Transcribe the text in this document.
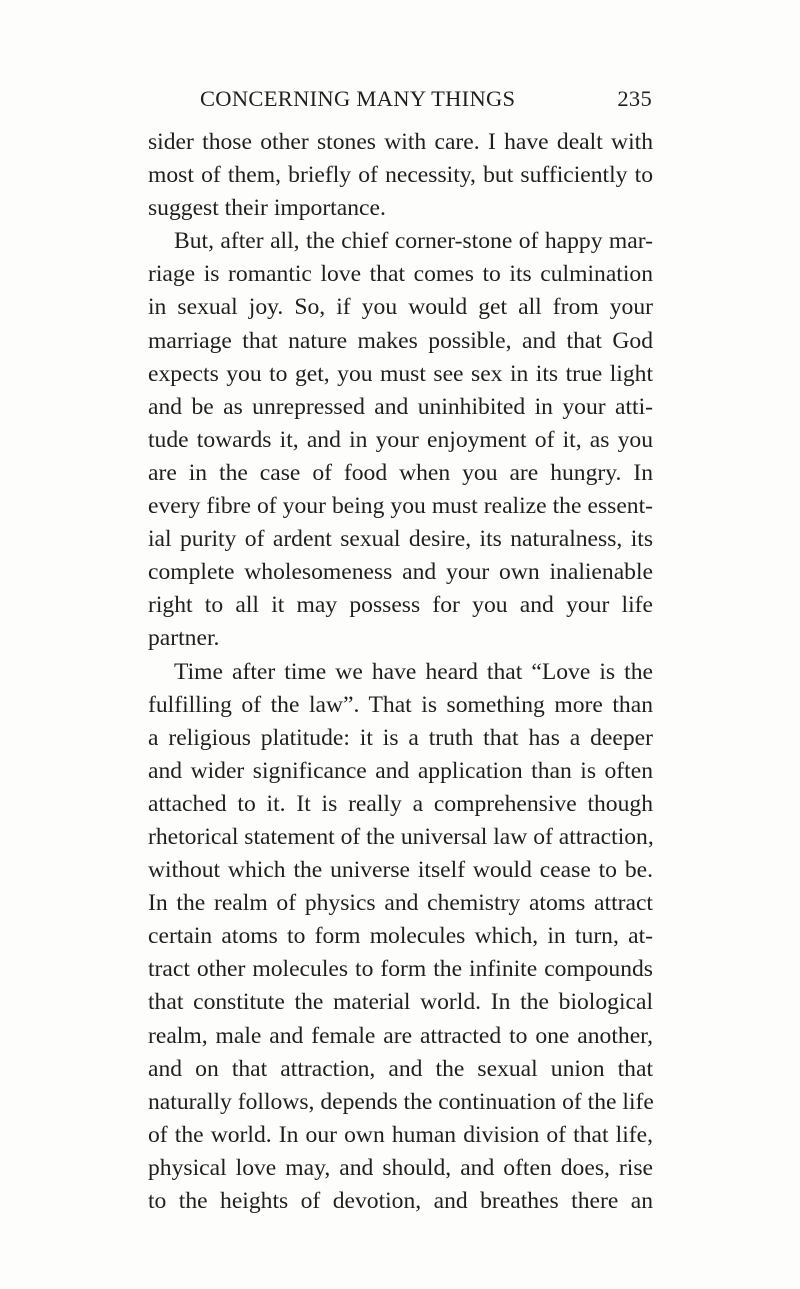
CONCERNING MANY THINGS	235
sider those other stones with care. I have dealt with
most of them, briefly of necessity, but sufficiently to
suggest their importance.
But, after all, the chief corner-stone of happy mar-
riage is romantic love that comes to its culmination
in sexual joy. So, if you would get all from your
marriage that nature makes possible, and that God
expects you to get, you must see sex in its true light
and be as unrepressed and uninhibited in your atti-
tude towards it, and in your enjoyment of it, as you
are in the case of food when you are hungry. In
every fibre of your being you must realize the essent-
ial purity of ardent sexual desire, its naturalness, its
complete wholesomeness and your own inalienable
right to all it may possess for you and your life
partner.
Time after time we have heard that “Love is the
fulfilling of the law”. That is something more than
a religious platitude: it is a truth that has a deeper
and wider significance and application than is often
attached to it. It is really a comprehensive though
rhetorical statement of the universal law of attraction,
without which the universe itself would cease to be.
In the realm of physics and chemistry atoms attract
certain atoms to form molecules which, in turn, at-
tract other molecules to form the infinite compounds
that constitute the material world. In the biological
realm, male and female are attracted to one another,
and on that attraction, and the sexual union that
naturally follows, depends the continuation of the life
of the world. In our own human division of that life,
physical love may, and should, and often does, rise
to the heights of devotion, and breathes there an
